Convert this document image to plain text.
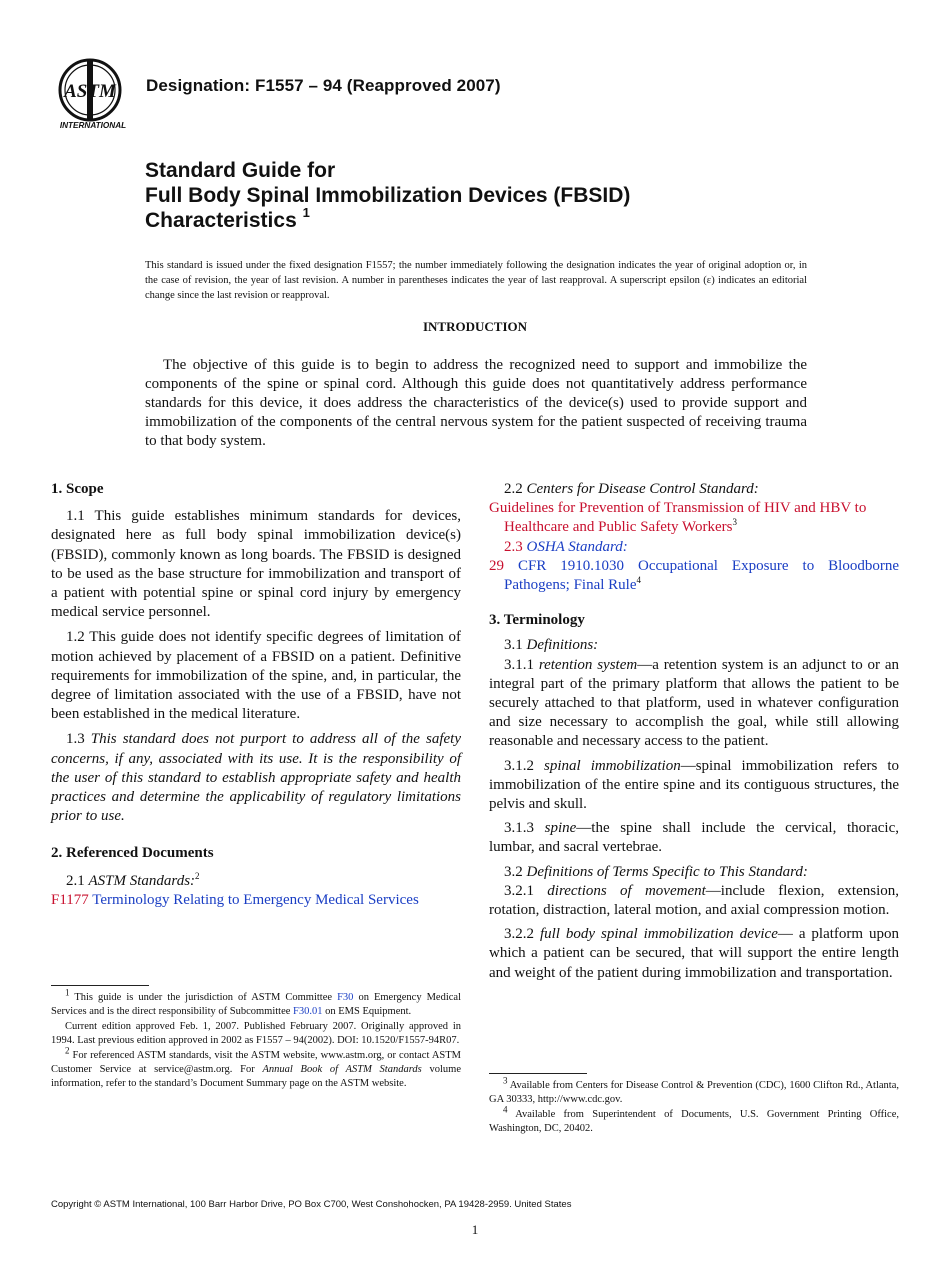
ASTM
INTERNATIONAL
Designation: F1557 – 94 (Reapproved 2007)
Standard Guide for
Full Body Spinal Immobilization Devices (FBSID)
Characteristics $^1$
This standard is issued under the fixed designation F1557; the number immediately following the designation indicates the year of original adoption or, in the case of revision, the year of last revision. A number in parentheses indicates the year of last reapproval. A superscript epsilon (ε) indicates an editorial change since the last revision or reapproval.
INTRODUCTION
The objective of this guide is to begin to address the recognized need to support and immobilize the components of the spine or spinal cord. Although this guide does not quantitatively address performance standards for this device, it does address the characteristics of the device(s) used to provide support and immobilization of the components of the central nervous system for the patient suspected of receiving trauma to that body system.

1. Scope

1.1 This guide establishes minimum standards for devices, designated here as full body spinal immobilization device(s) (FBSID), commonly known as long boards. The FBSID is designed to be used as the base structure for immobilization and transport of a patient with potential spine or spinal cord injury by emergency medical service personnel.

1.2 This guide does not identify specific degrees of limitation of motion achieved by placement of a FBSID on a patient. Definitive requirements for immobilization of the spine, and, in particular, the degree of limitation associated with the use of a FBSID, have not been established in the medical literature.

1.3 This standard does not purport to address all of the safety concerns, if any, associated with its use. It is the responsibility of the user of this standard to establish appropriate safety and health practices and determine the applicability of regulatory limitations prior to use.

2. Referenced Documents

2.1 ASTM Standards:$^2$

F1177 Terminology Relating to Emergency Medical Services

2.2 Centers for Disease Control Standard:

Guidelines for Prevention of Transmission of HIV and HBV to Healthcare and Public Safety Workers$^3$

2.3 OSHA Standard:

29 CFR 1910.1030 Occupational Exposure to Bloodborne Pathogens; Final Rule$^4$

3. Terminology

3.1 Definitions:

3.1.1 retention system—a retention system is an adjunct to or an integral part of the primary platform that allows the patient to be securely attached to that platform, used in whatever configuration and size necessary to accomplish the goal, while still allowing reasonable and necessary access to the patient.

3.1.2 spinal immobilization—spinal immobilization refers to immobilization of the entire spine and its contiguous structures, the pelvis and skull.

3.1.3 spine—the spine shall include the cervical, thoracic, lumbar, and sacral vertebrae.

3.2 Definitions of Terms Specific to This Standard:

3.2.1 directions of movement—include flexion, extension, rotation, distraction, lateral motion, and axial compression motion.

3.2.2 full body spinal immobilization device— a platform upon which a patient can be secured, that will support the entire length and weight of the patient during immobilization and transportation.

$^1$ This guide is under the jurisdiction of ASTM Committee F30 on Emergency Medical Services and is the direct responsibility of Subcommittee F30.01 on EMS Equipment.

Current edition approved Feb. 1, 2007. Published February 2007. Originally approved in 1994. Last previous edition approved in 2002 as F1557 – 94(2002). DOI: 10.1520/F1557-94R07.

$^2$ For referenced ASTM standards, visit the ASTM website, www.astm.org, or contact ASTM Customer Service at service@astm.org. For Annual Book of ASTM Standards volume information, refer to the standard’s Document Summary page on the ASTM website.	$^3$ Available from Centers for Disease Control & Prevention (CDC), 1600 Clifton Rd., Atlanta, GA 30333, http://www.cdc.gov.

$^4$ Available from Superintendent of Documents, U.S. Government Printing Office, Washington, DC, 20402.

Copyright © ASTM International, 100 Barr Harbor Drive, PO Box C700, West Conshohocken, PA 19428-2959. United States
1
